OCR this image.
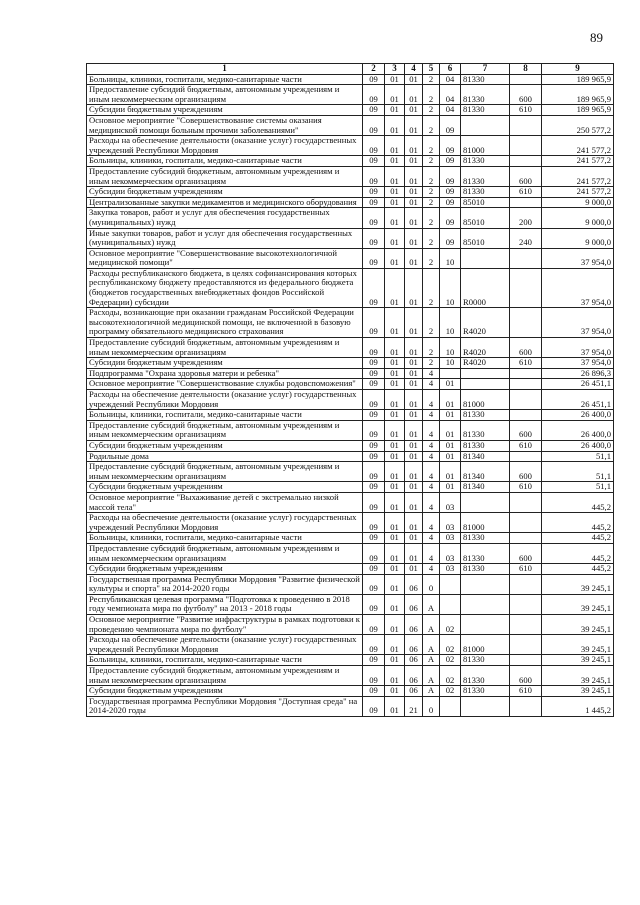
89
1	2	3	4	5	6	7	8	9
Больницы, клиники, госпитали, медико-санитарные части	09	01	01	2	04	81330		189 965,9
Предоставление субсидий бюджетным, автономным учреждениям и иным некоммерческим организациям	09	01	01	2	04	81330	600	189 965,9
Субсидии бюджетным учреждениям	09	01	01	2	04	81330	610	189 965,9
Основное мероприятие "Совершенствование системы оказания медицинской помощи больным прочими заболеваниями"	09	01	01	2	09			250 577,2
Расходы на обеспечение деятельности (оказание услуг) государственных учреждений Республики Мордовия	09	01	01	2	09	81000		241 577,2
Больницы, клиники, госпитали, медико-санитарные части	09	01	01	2	09	81330		241 577,2
Предоставление субсидий бюджетным, автономным учреждениям и иным некоммерческим организациям	09	01	01	2	09	81330	600	241 577,2
Субсидии бюджетным учреждениям	09	01	01	2	09	81330	610	241 577,2
Централизованные закупки медикаментов и медицинского оборудования	09	01	01	2	09	85010		9 000,0
Закупка товаров, работ и услуг для обеспечения государственных (муниципальных) нужд	09	01	01	2	09	85010	200	9 000,0
Иные закупки товаров, работ и услуг для обеспечения государственных (муниципальных) нужд	09	01	01	2	09	85010	240	9 000,0
Основное мероприятие "Совершенствование высокотехнологичной медицинской помощи"	09	01	01	2	10			37 954,0
Расходы республиканского бюджета, в целях софинансирования которых республиканскому бюджету предоставляются из федерального бюджета (бюджетов государственных внебюджетных фондов Российской Федерации) субсидии	09	01	01	2	10	R0000		37 954,0
Расходы, возникающие при оказании гражданам Российской Федерации высокотехнологичной медицинской помощи, не включенной в базовую программу обязательного медицинского страхования	09	01	01	2	10	R4020		37 954,0
Предоставление субсидий бюджетным, автономным учреждениям и иным некоммерческим организациям	09	01	01	2	10	R4020	600	37 954,0
Субсидии бюджетным учреждениям	09	01	01	2	10	R4020	610	37 954,0
Подпрограмма "Охрана здоровья матери и ребенка"	09	01	01	4				26 896,3
Основное мероприятие "Совершенствование службы родовспоможения"	09	01	01	4	01			26 451,1
Расходы на обеспечение деятельности (оказание услуг) государственных учреждений Республики Мордовия	09	01	01	4	01	81000		26 451,1
Больницы, клиники, госпитали, медико-санитарные части	09	01	01	4	01	81330		26 400,0
Предоставление субсидий бюджетным, автономным учреждениям и иным некоммерческим организациям	09	01	01	4	01	81330	600	26 400,0
Субсидии бюджетным учреждениям	09	01	01	4	01	81330	610	26 400,0
Родильные дома	09	01	01	4	01	81340		51,1
Предоставление субсидий бюджетным, автономным учреждениям и иным некоммерческим организациям	09	01	01	4	01	81340	600	51,1
Субсидии бюджетным учреждениям	09	01	01	4	01	81340	610	51,1
Основное мероприятие "Выхаживание детей с экстремально низкой массой тела"	09	01	01	4	03			445,2
Расходы на обеспечение деятельности (оказание услуг) государственных учреждений Республики Мордовия	09	01	01	4	03	81000		445,2
Больницы, клиники, госпитали, медико-санитарные части	09	01	01	4	03	81330		445,2
Предоставление субсидий бюджетным, автономным учреждениям и иным некоммерческим организациям	09	01	01	4	03	81330	600	445,2
Субсидии бюджетным учреждениям	09	01	01	4	03	81330	610	445,2
Государственная программа Республики Мордовия "Развитие физической культуры и спорта" на 2014-2020 годы	09	01	06	0				39 245,1
Республиканская целевая программа "Подготовка к проведению в 2018 году чемпионата мира по футболу" на 2013 - 2018 годы	09	01	06	А				39 245,1
Основное мероприятие "Развитие инфраструктуры в рамках подготовки к проведению чемпионата мира по футболу"	09	01	06	А	02			39 245,1
Расходы на обеспечение деятельности (оказание услуг) государственных учреждений Республики Мордовия	09	01	06	А	02	81000		39 245,1
Больницы, клиники, госпитали, медико-санитарные части	09	01	06	А	02	81330		39 245,1
Предоставление субсидий бюджетным, автономным учреждениям и иным некоммерческим организациям	09	01	06	А	02	81330	600	39 245,1
Субсидии бюджетным учреждениям	09	01	06	А	02	81330	610	39 245,1
Государственная программа Республики Мордовия "Доступная среда" на 2014-2020 годы	09	01	21	0				1 445,2
